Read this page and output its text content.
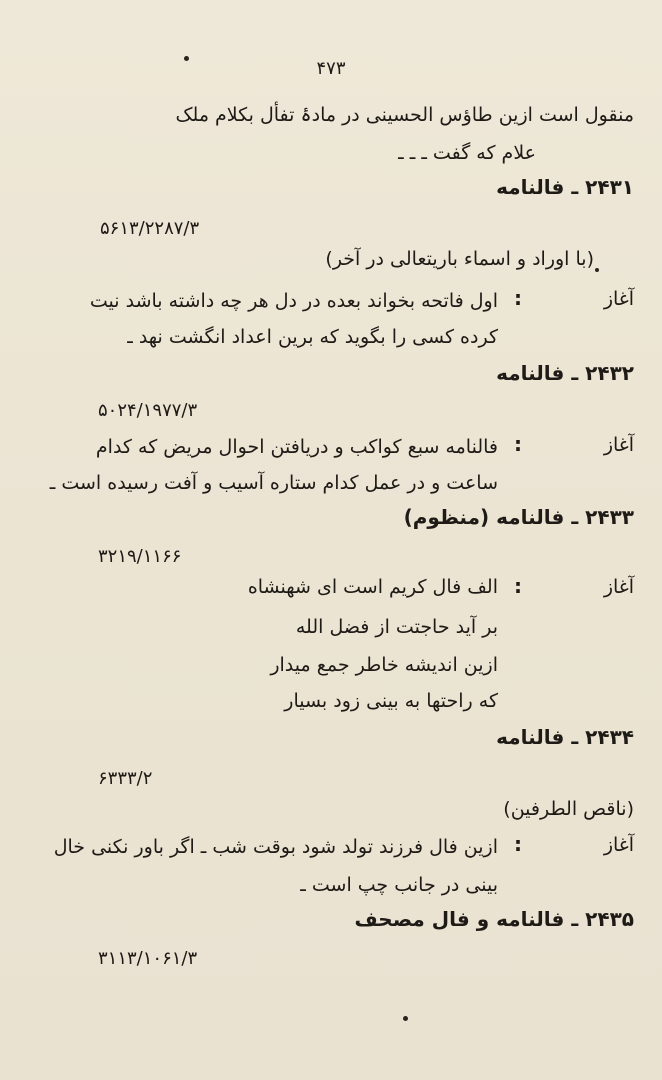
۴۷۳
منقول است ازین طاؤس الحسینی در مادۂ تفأل بکلام ملک
علام که گفت ـ ـ ـ
۲۴۳۱ ـ فالنامه
۵۶۱۳/۲۲۸۷/۳
(با اوراد و اسماء باریتعالی در آخر)
آغاز
:
اول فاتحه بخواند بعده در دل هر چه داشته باشد نیت
کرده کسی را بگوید که برین اعداد انگشت نهد ـ
۲۴۳۲ ـ فالنامه
۵۰۲۴/۱۹۷۷/۳
آغاز
:
فالنامه سبع کواکب و دریافتن احوال مریض که کدام
ساعت و در عمل کدام ستاره آسیب و آفت رسیده است ـ
۲۴۳۳ ـ فالنامه (منظوم)
۳۲۱۹/۱۱۶۶
آغاز
:
الف فال کریم است ای شهنشاه
بر آید حاجتت از فضل الله
ازین اندیشه خاطر جمع میدار
که راحتها به بینی زود بسیار
۲۴۳۴ ـ فالنامه
۶۳۳۳/۲
(ناقص الطرفین)
آغاز
:
ازین فال فرزند تولد شود بوقت شب ـ اگر باور نکنی خال
بینی در جانب چپ است ـ
۲۴۳۵ ـ فالنامه و فال مصحف
۳۱۱۳/۱۰۶۱/۳
